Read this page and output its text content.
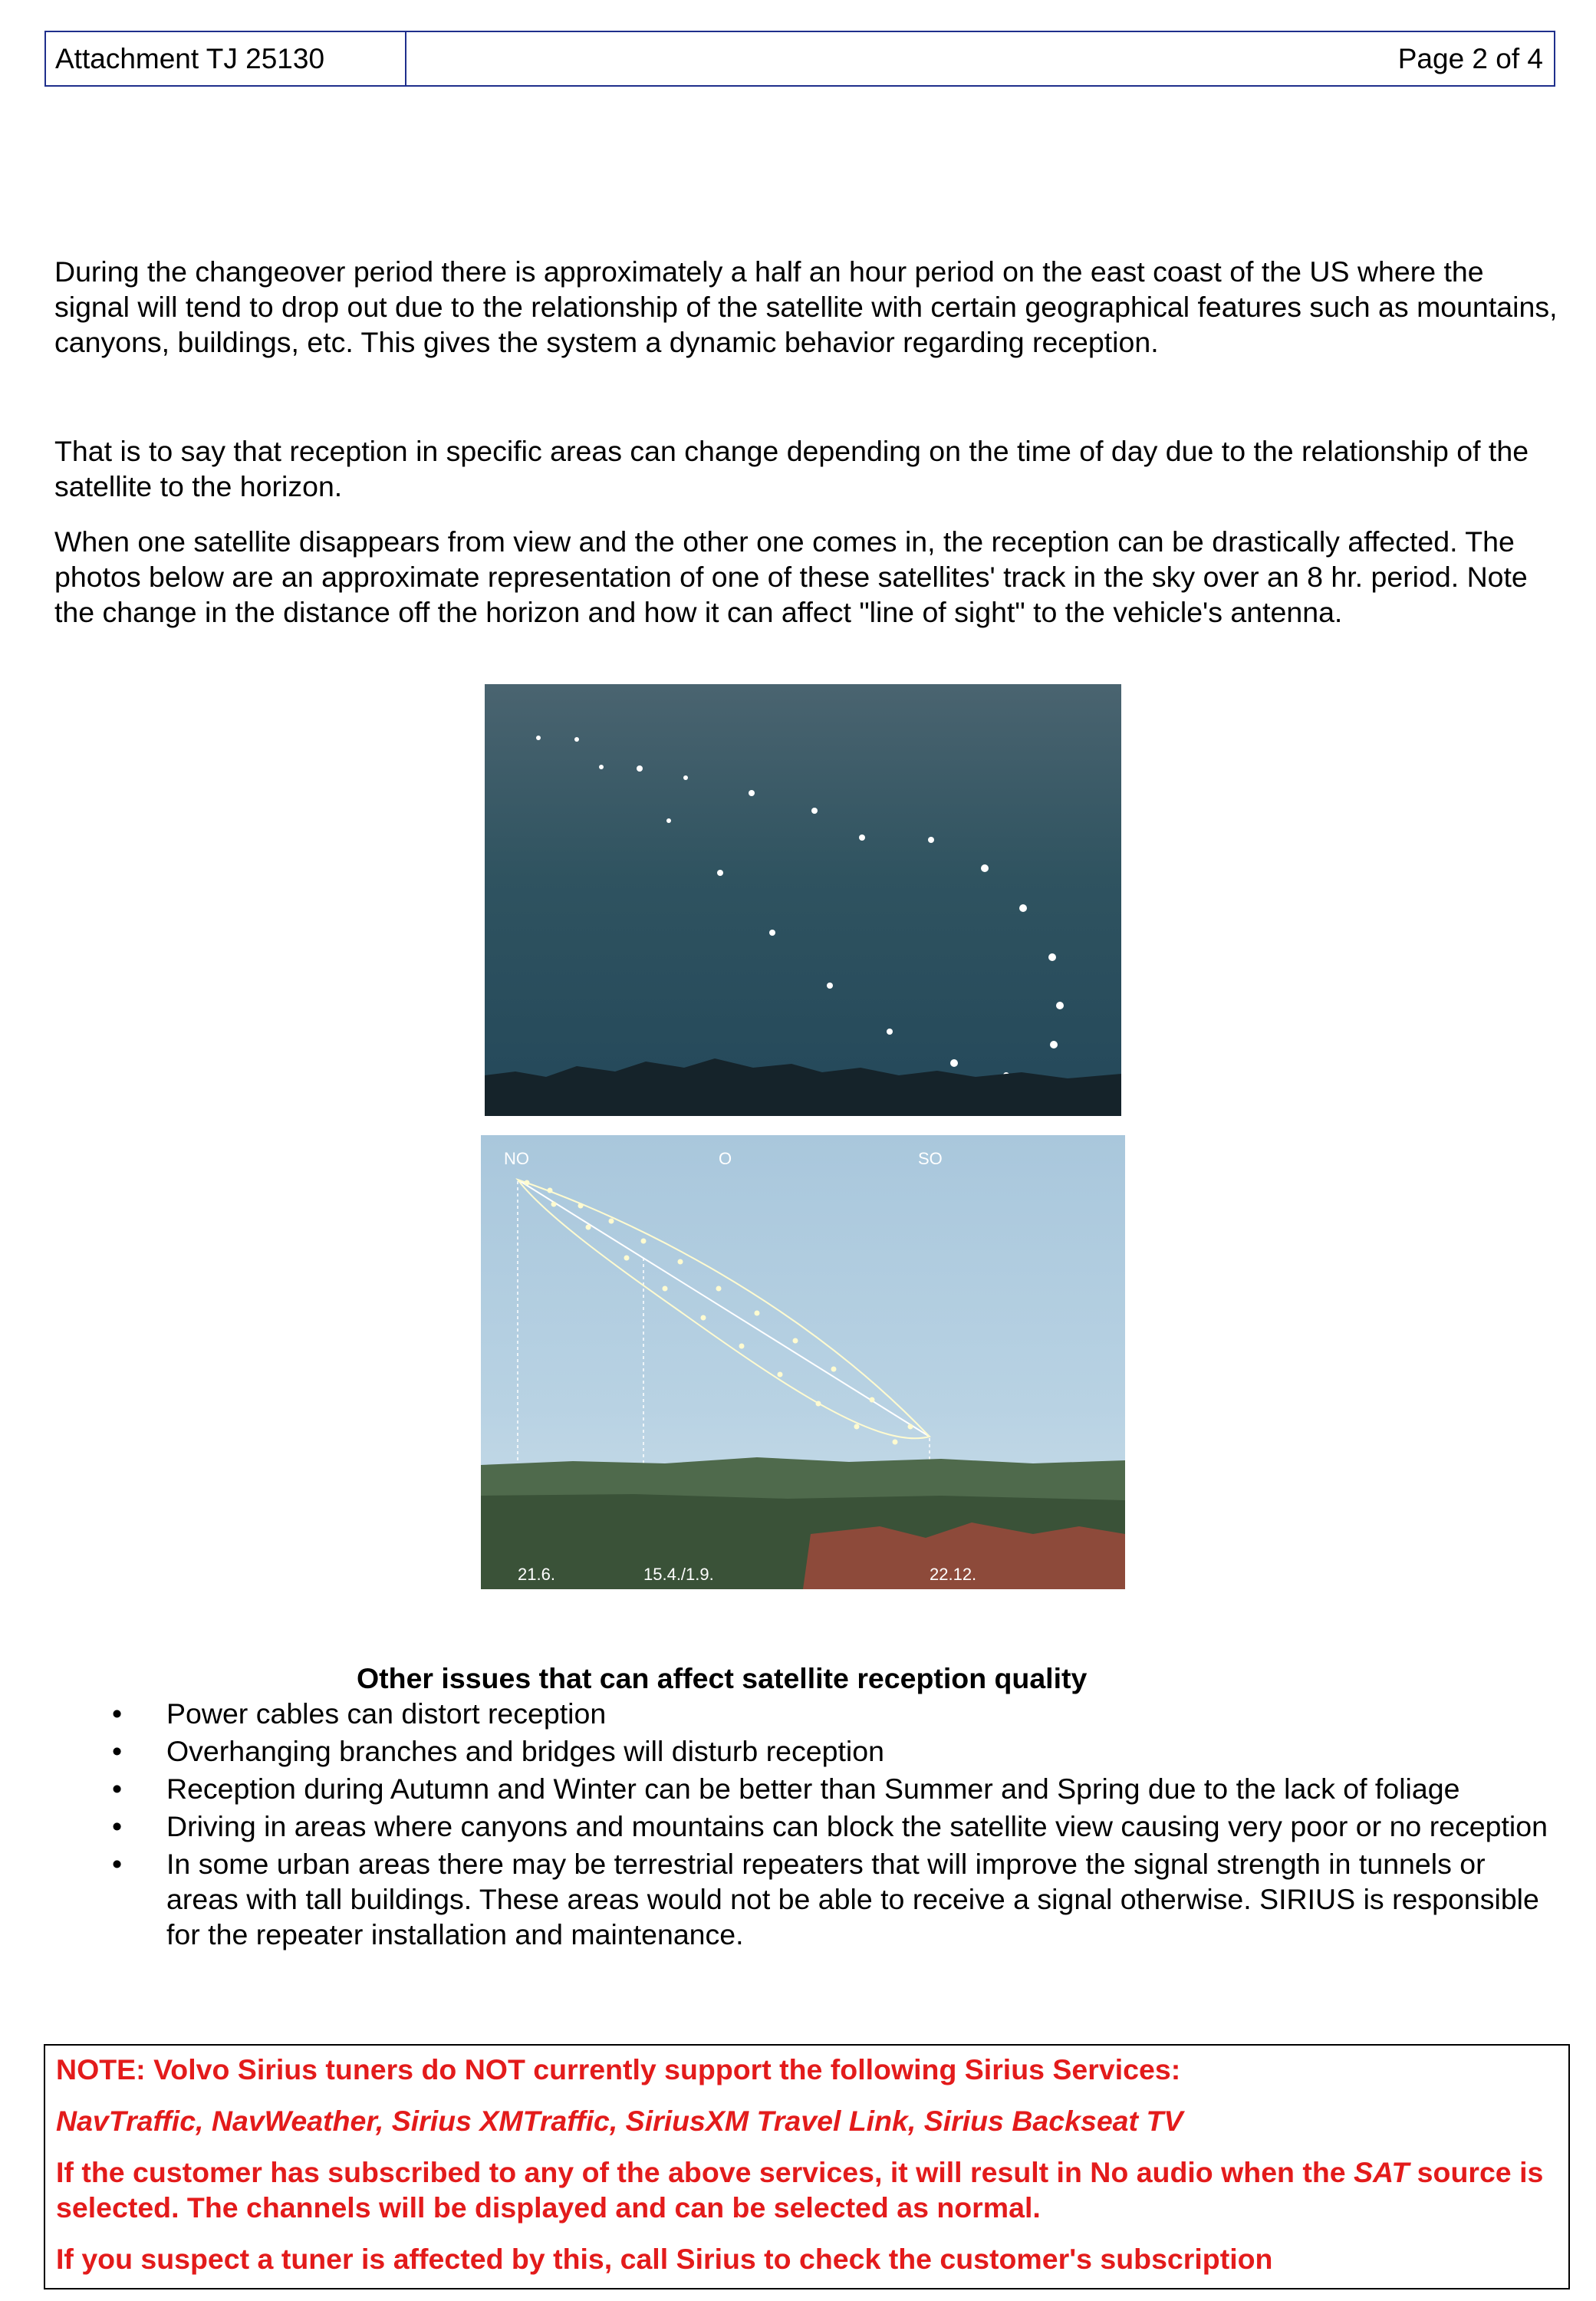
Attachment TJ 25130	Page 2 of 4

During the changeover period there is approximately a half an hour period on the east coast of the US where the signal will tend to drop out due to the relationship of the satellite with certain geographical features such as mountains, canyons, buildings, etc. This gives the system a dynamic behavior regarding reception.

That is to say that reception in specific areas can change depending on the time of day due to the relationship of the satellite to the horizon.

When one satellite disappears from view and the other one comes in, the reception can be drastically affected. The photos below are an approximate representation of one of these satellites' track in the sky over an 8 hr. period. Note the change in the distance off the horizon and how it can affect "line of sight" to the vehicle's antenna.

NO	O	SO
21.6.	15.4./1.9.	22.12.
Other issues that can affect satellite reception quality
• Power cables can distort reception
• Overhanging branches and bridges will disturb reception
• Reception during Autumn and Winter can be better than Summer and Spring due to the lack of foliage
• Driving in areas where canyons and mountains can block the satellite view causing very poor or no reception
• In some urban areas there may be terrestrial repeaters that will improve the signal strength in tunnels or areas with tall buildings. These areas would not be able to receive a signal otherwise. SIRIUS is responsible for the repeater installation and maintenance.

NOTE: Volvo Sirius tuners do NOT currently support the following Sirius Services:

NavTraffic, NavWeather, Sirius XMTraffic, SiriusXM Travel Link, Sirius Backseat TV

If the customer has subscribed to any of the above services, it will result in No audio when the SAT source is selected. The channels will be displayed and can be selected as normal.

If you suspect a tuner is affected by this, call Sirius to check the customer's subscription
